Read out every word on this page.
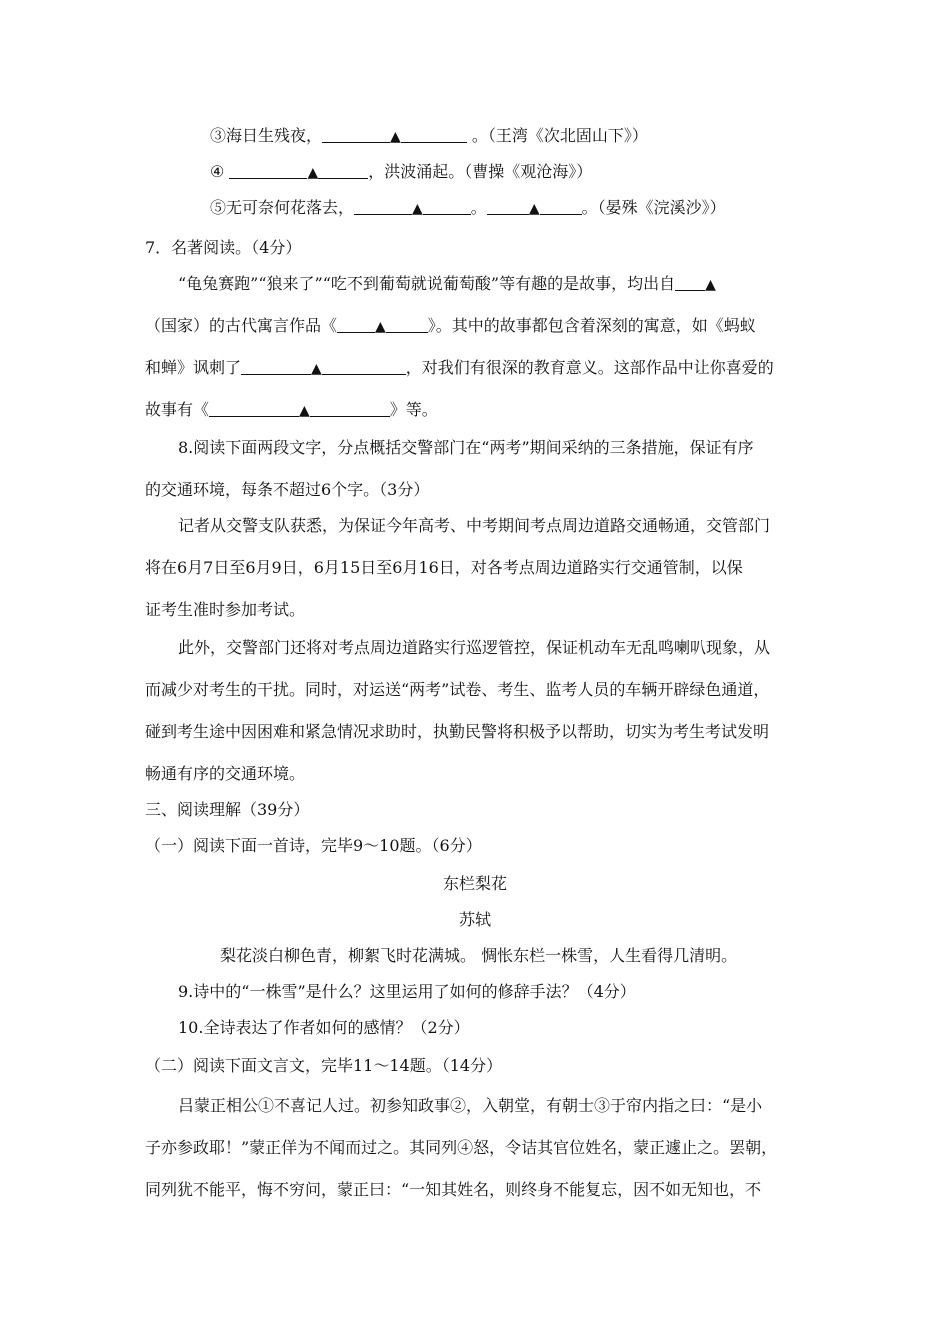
③海日生残夜，	▲	。（王湾《次北固山下》）
④	▲	，洪波涌起。（曹操《观沧海》）
⑤无可奈何花落去，	▲	。	▲	。（晏殊《浣溪沙》）
7．名著阅读。（4分）
“龟兔赛跑”“狼来了”“吃不到葡萄就说葡萄酸”等有趣的是故事，均出自 ▲
（国家）的古代寓言作品《	▲	》。其中的故事都包含着深刻的寓意，如《蚂蚁
和蝉》讽刺了	▲	，对我们有很深的教育意义。这部作品中让你喜爱的
故事有《	▲	》等。
8.阅读下面两段文字，分点概括交警部门在“两考”期间采纳的三条措施，保证有序
的交通环境，每条不超过6个字。（3分）
记者从交警支队获悉，为保证今年高考、中考期间考点周边道路交通畅通，交管部门
将在6月7日至6月9日，6月15日至6月16日，对各考点周边道路实行交通管制，以保
证考生准时参加考试。
此外，交警部门还将对考点周边道路实行巡逻管控，保证机动车无乱鸣喇叭现象，从
而减少对考生的干扰。同时，对运送“两考”试卷、考生、监考人员的车辆开辟绿色通道，
碰到考生途中因困难和紧急情况求助时，执勤民警将积极予以帮助，切实为考生考试发明
畅通有序的交通环境。
三、阅读理解（39分）
（一）阅读下面一首诗，完毕9～10题。（6分）
东栏梨花
苏轼
梨花淡白柳色青，柳絮飞时花满城。 惆怅东栏一株雪，人生看得几清明。
9.诗中的“一株雪”是什么？这里运用了如何的修辞手法？（4分）
10.全诗表达了作者如何的感情？（2分）
（二）阅读下面文言文，完毕11～14题。（14分）
吕蒙正相公①不喜记人过。初参知政事②，入朝堂，有朝士③于帘内指之曰：“是小
子亦参政耶！”蒙正佯为不闻而过之。其同列④怒，令诘其官位姓名，蒙正遽止之。罢朝，
同列犹不能平，悔不穷问，蒙正曰：“一知其姓名，则终身不能复忘，因不如无知也，不
